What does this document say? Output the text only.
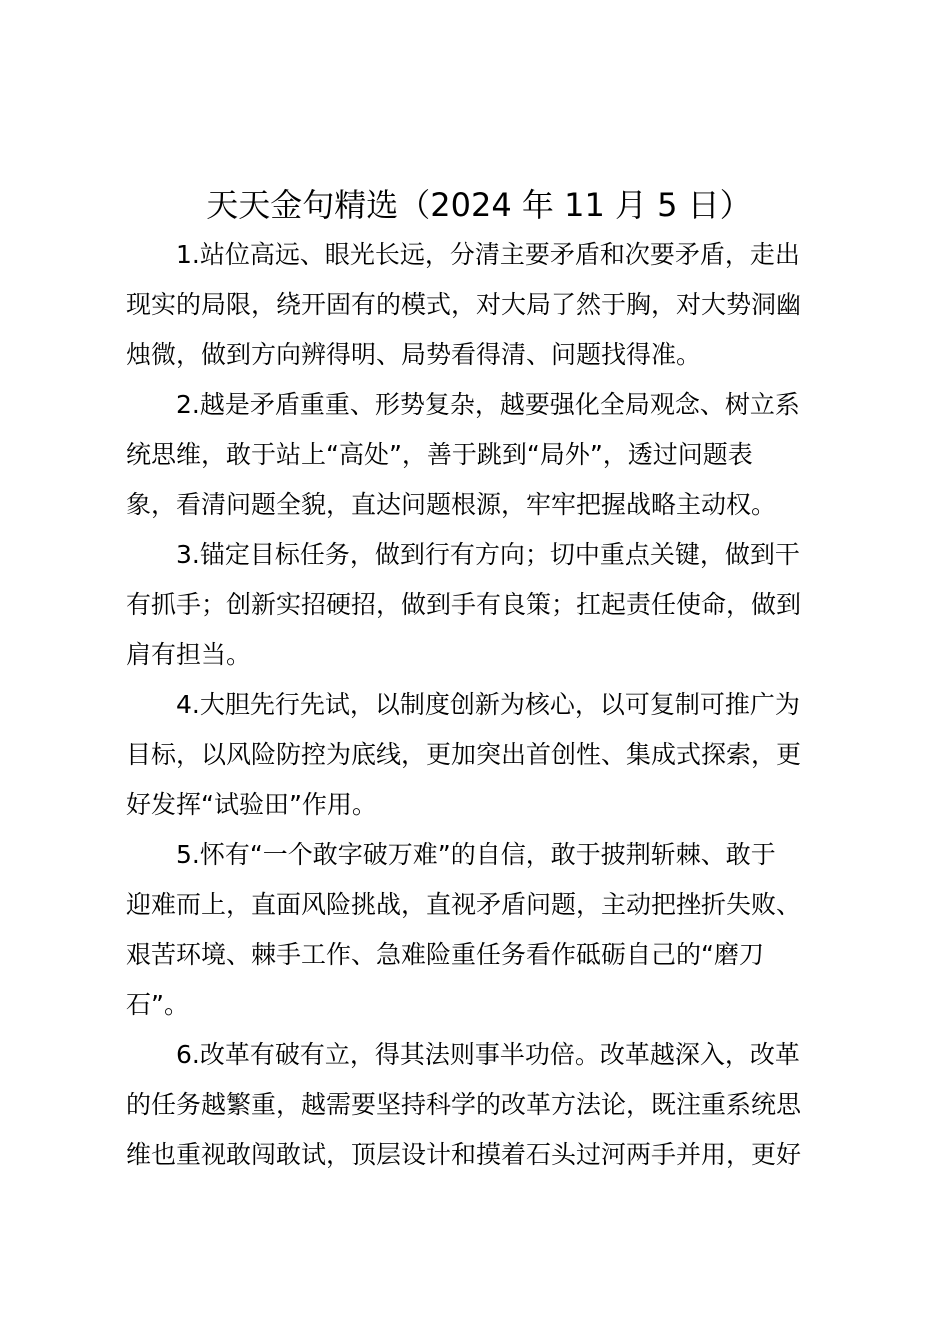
天天金句精选（2024 年 11 月 5 日）

1.站位高远、眼光长远，分清主要矛盾和次要矛盾，走出
现实的局限，绕开固有的模式，对大局了然于胸，对大势洞幽
烛微，做到方向辨得明、局势看得清、问题找得准。

2.越是矛盾重重、形势复杂，越要强化全局观念、树立系
统思维，敢于站上“高处”，善于跳到“局外”，透过问题表
象，看清问题全貌，直达问题根源，牢牢把握战略主动权。

3.锚定目标任务，做到行有方向；切中重点关键，做到干
有抓手；创新实招硬招，做到手有良策；扛起责任使命，做到
肩有担当。

4.大胆先行先试，以制度创新为核心，以可复制可推广为
目标，以风险防控为底线，更加突出首创性、集成式探索，更
好发挥“试验田”作用。

5.怀有“一个敢字破万难”的自信，敢于披荆斩棘、敢于
迎难而上，直面风险挑战，直视矛盾问题，主动把挫折失败、
艰苦环境、棘手工作、急难险重任务看作砥砺自己的“磨刀
石”。

6.改革有破有立，得其法则事半功倍。改革越深入，改革
的任务越繁重，越需要坚持科学的改革方法论，既注重系统思
维也重视敢闯敢试，顶层设计和摸着石头过河两手并用，更好
